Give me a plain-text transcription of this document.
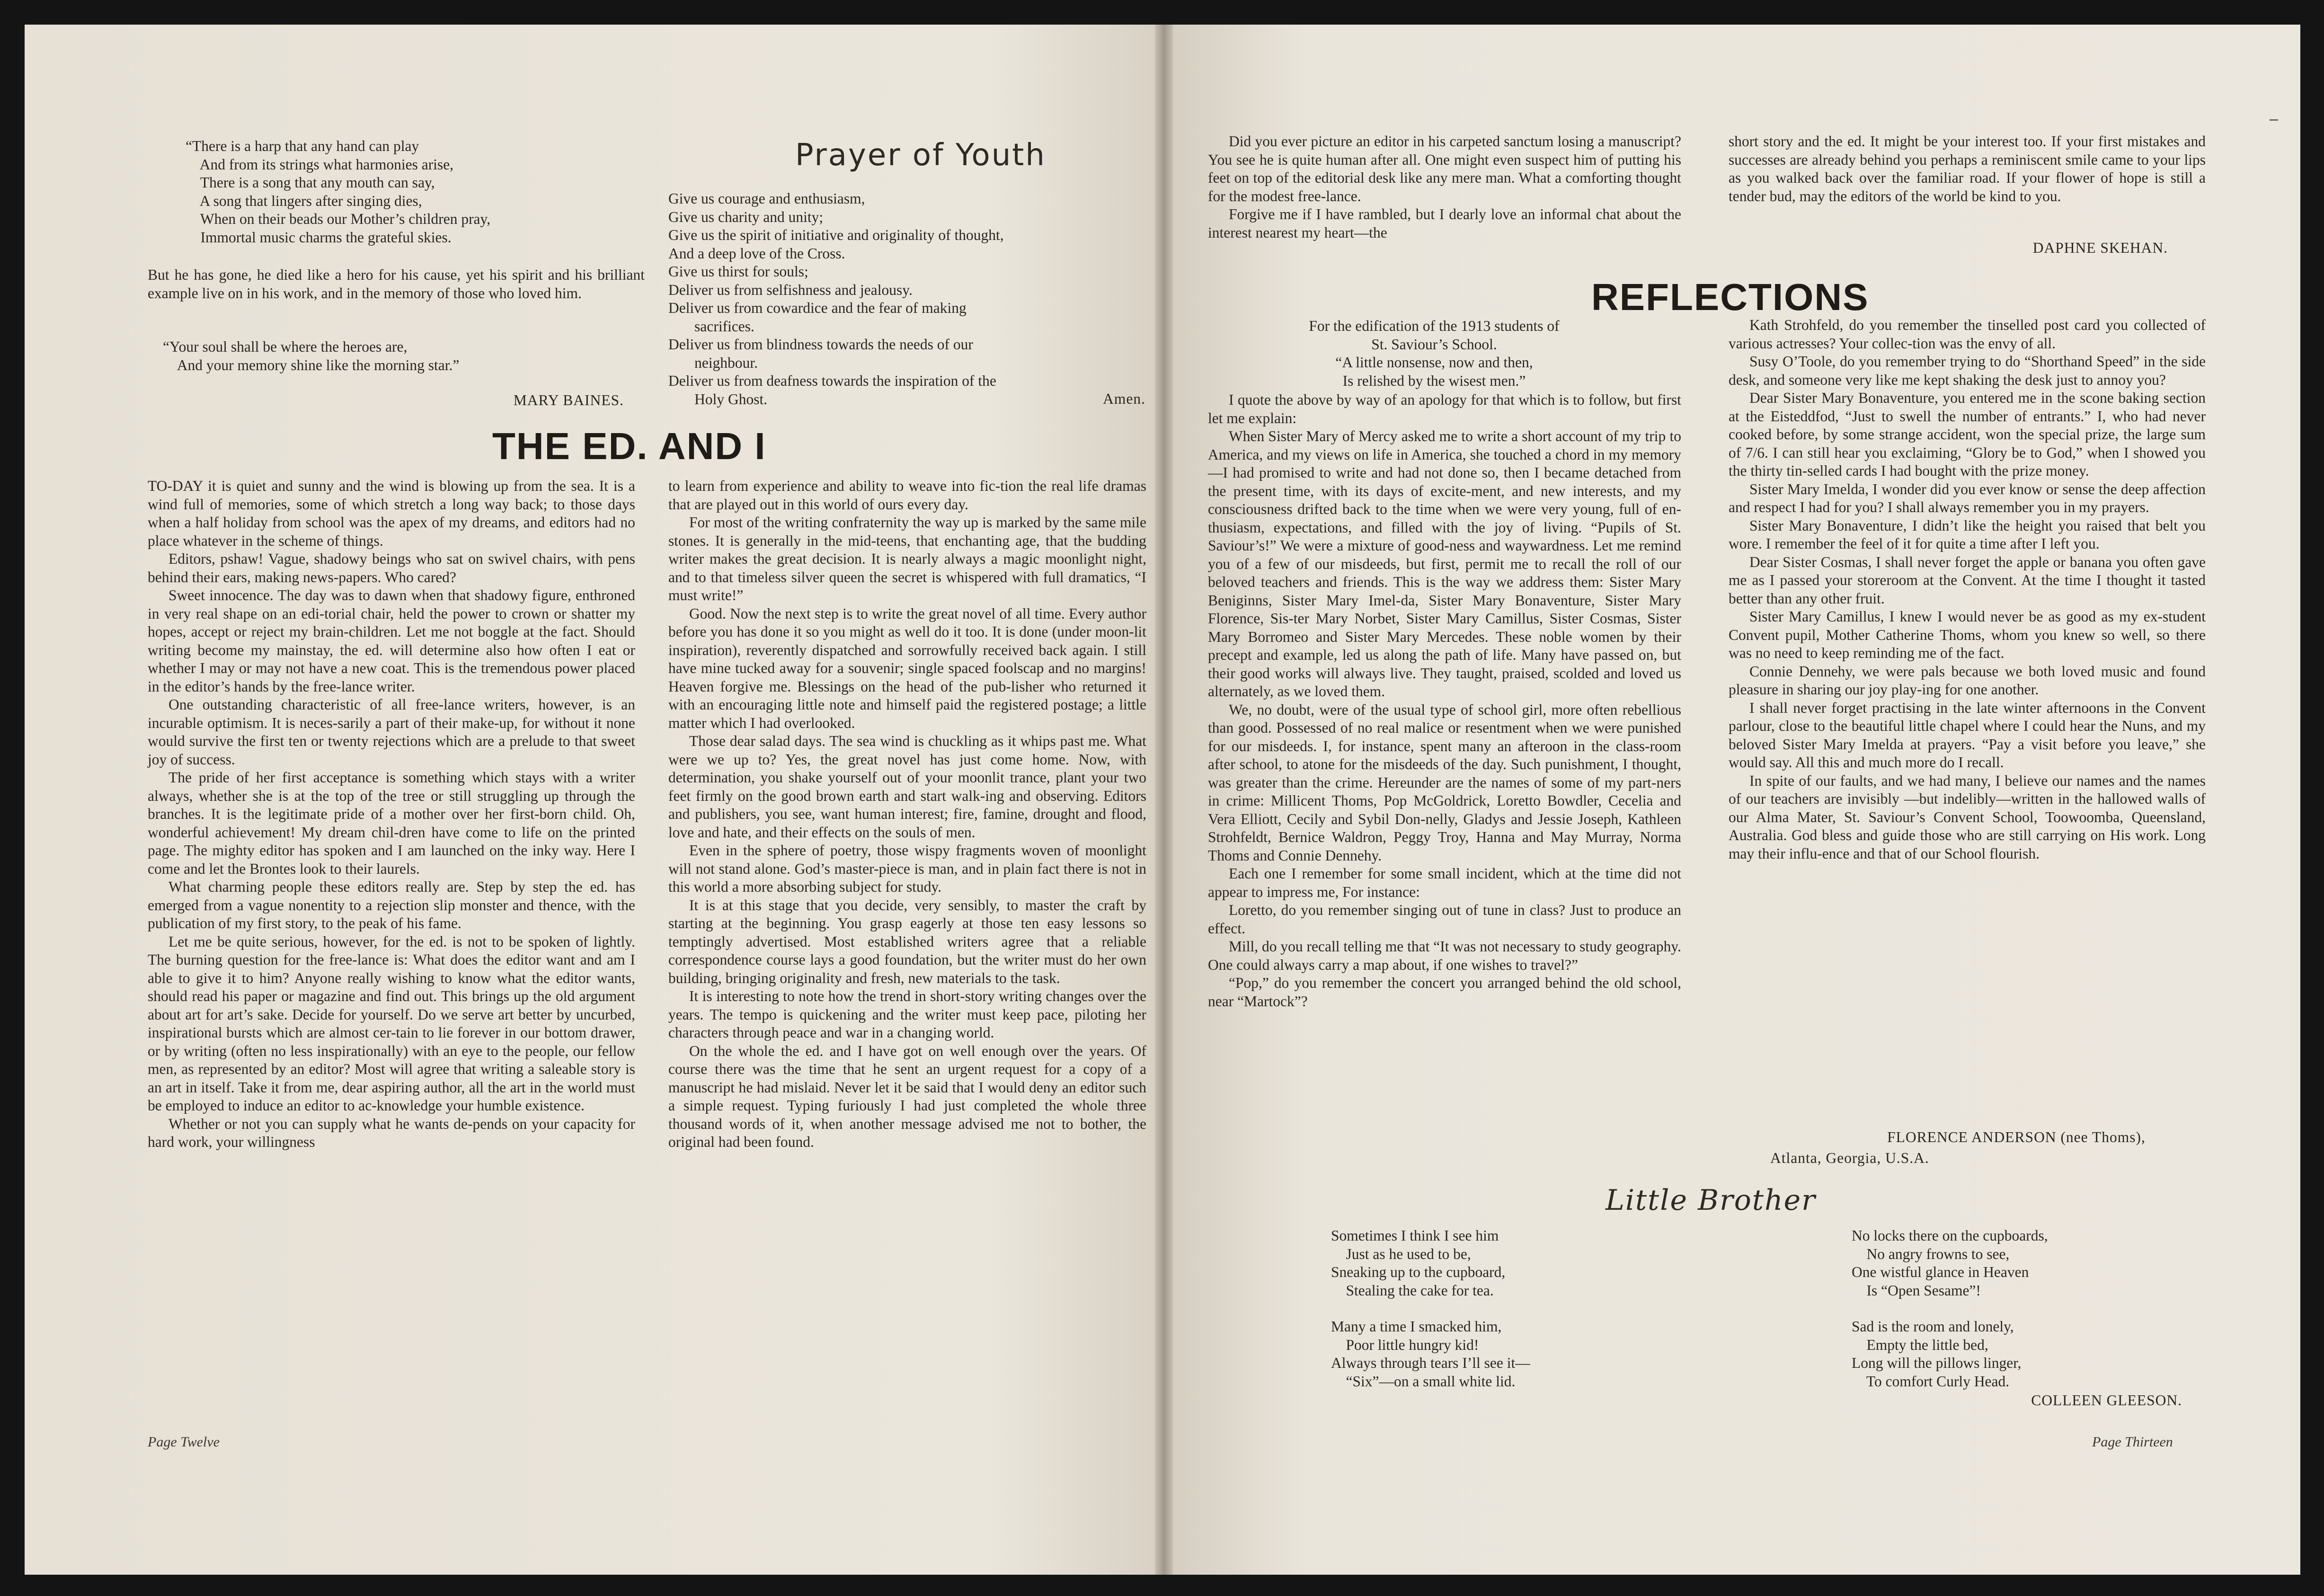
“There is a harp that any hand can play

And from its strings what harmonies arise,

There is a song that any mouth can say,

A song that lingers after singing dies,

When on their beads our Mother’s children pray,

Immortal music charms the grateful skies.

But he has gone, he died like a hero for his cause, yet his spirit and his brilliant example live on in his work, and in the memory of those who loved him.

“Your soul shall be where the heroes are,

And your memory shine like the morning star.”

MARY BAINES.
Prayer of Youth

Give us courage and enthusiasm,

Give us charity and unity;

Give us the spirit of initiative and originality of thought,

And a deep love of the Cross.

Give us thirst for souls;

Deliver us from selfishness and jealousy.

Deliver us from cowardice and the fear of making

sacrifices.

Deliver us from blindness towards the needs of our

neighbour.

Deliver us from deafness towards the inspiration of the

Holy Ghost.	Amen.
THE ED. AND I

TO-DAY it is quiet and sunny and the wind is blowing up from the sea. It is a wind full of memories, some of which stretch a long way back; to those days when a half holiday from school was the apex of my dreams, and editors had no place whatever in the scheme of things.

Editors, pshaw! Vague, shadowy beings who sat on swivel chairs, with pens behind their ears, making news-papers. Who cared?

Sweet innocence. The day was to dawn when that shadowy figure, enthroned in very real shape on an edi-torial chair, held the power to crown or shatter my hopes, accept or reject my brain-children. Let me not boggle at the fact. Should writing become my mainstay, the ed. will determine also how often I eat or whether I may or may not have a new coat. This is the tremendous power placed in the editor’s hands by the free-lance writer.

One outstanding characteristic of all free-lance writers, however, is an incurable optimism. It is neces-sarily a part of their make-up, for without it none would survive the first ten or twenty rejections which are a prelude to that sweet joy of success.

The pride of her first acceptance is something which stays with a writer always, whether she is at the top of the tree or still struggling up through the branches. It is the legitimate pride of a mother over her first-born child. Oh, wonderful achievement! My dream chil-dren have come to life on the printed page. The mighty editor has spoken and I am launched on the inky way. Here I come and let the Brontes look to their laurels.

What charming people these editors really are. Step by step the ed. has emerged from a vague nonentity to a rejection slip monster and thence, with the publication of my first story, to the peak of his fame.

Let me be quite serious, however, for the ed. is not to be spoken of lightly. The burning question for the free-lance is: What does the editor want and am I able to give it to him? Anyone really wishing to know what the editor wants, should read his paper or magazine and find out. This brings up the old argument about art for art’s sake. Decide for yourself. Do we serve art better by uncurbed, inspirational bursts which are almost cer-tain to lie forever in our bottom drawer, or by writing (often no less inspirationally) with an eye to the people, our fellow men, as represented by an editor? Most will agree that writing a saleable story is an art in itself. Take it from me, dear aspiring author, all the art in the world must be employed to induce an editor to ac-knowledge your humble existence.

Whether or not you can supply what he wants de-pends on your capacity for hard work, your willingness

to learn from experience and ability to weave into fic-tion the real life dramas that are played out in this world of ours every day.

For most of the writing confraternity the way up is marked by the same mile stones. It is generally in the mid-teens, that enchanting age, that the budding writer makes the great decision. It is nearly always a magic moonlight night, and to that timeless silver queen the secret is whispered with full dramatics, “I must write!”

Good. Now the next step is to write the great novel of all time. Every author before you has done it so you might as well do it too. It is done (under moon-lit inspiration), reverently dispatched and sorrowfully received back again. I still have mine tucked away for a souvenir; single spaced foolscap and no margins! Heaven forgive me. Blessings on the head of the pub-lisher who returned it with an encouraging little note and himself paid the registered postage; a little matter which I had overlooked.

Those dear salad days. The sea wind is chuckling as it whips past me. What were we up to? Yes, the great novel has just come home. Now, with determination, you shake yourself out of your moonlit trance, plant your two feet firmly on the good brown earth and start walk-ing and observing. Editors and publishers, you see, want human interest; fire, famine, drought and flood, love and hate, and their effects on the souls of men.

Even in the sphere of poetry, those wispy fragments woven of moonlight will not stand alone. God’s master-piece is man, and in plain fact there is not in this world a more absorbing subject for study.

It is at this stage that you decide, very sensibly, to master the craft by starting at the beginning. You grasp eagerly at those ten easy lessons so temptingly advertised. Most established writers agree that a reliable correspondence course lays a good foundation, but the writer must do her own building, bringing originality and fresh, new materials to the task.

It is interesting to note how the trend in short-story writing changes over the years. The tempo is quickening and the writer must keep pace, piloting her characters through peace and war in a changing world.

On the whole the ed. and I have got on well enough over the years. Of course there was the time that he sent an urgent request for a copy of a manuscript he had mislaid. Never let it be said that I would deny an editor such a simple request. Typing furiously I had just completed the whole three thousand words of it, when another message advised me not to bother, the original had been found.

Page Twelve

Did you ever picture an editor in his carpeted sanctum losing a manuscript? You see he is quite human after all. One might even suspect him of putting his feet on top of the editorial desk like any mere man. What a comforting thought for the modest free-lance.

Forgive me if I have rambled, but I dearly love an informal chat about the interest nearest my heart—the

short story and the ed. It might be your interest too. If your first mistakes and successes are already behind you perhaps a reminiscent smile came to your lips as you walked back over the familiar road. If your flower of hope is still a tender bud, may the editors of the world be kind to you.

DAPHNE SKEHAN.
REFLECTIONS

For the edification of the 1913 students of

St. Saviour’s School.

“A little nonsense, now and then,

Is relished by the wisest men.”

I quote the above by way of an apology for that which is to follow, but first let me explain:

When Sister Mary of Mercy asked me to write a short account of my trip to America, and my views on life in America, she touched a chord in my memory—I had promised to write and had not done so, then I became detached from the present time, with its days of excite-ment, and new interests, and my consciousness drifted back to the time when we were very young, full of en-thusiasm, expectations, and filled with the joy of living. “Pupils of St. Saviour’s!” We were a mixture of good-ness and waywardness. Let me remind you of a few of our misdeeds, but first, permit me to recall the roll of our beloved teachers and friends. This is the way we address them: Sister Mary Beniginns, Sister Mary Imel-da, Sister Mary Bonaventure, Sister Mary Florence, Sis-ter Mary Norbet, Sister Mary Camillus, Sister Cosmas, Sister Mary Borromeo and Sister Mary Mercedes. These noble women by their precept and example, led us along the path of life. Many have passed on, but their good works will always live. They taught, praised, scolded and loved us alternately, as we loved them.

We, no doubt, were of the usual type of school girl, more often rebellious than good. Possessed of no real malice or resentment when we were punished for our misdeeds. I, for instance, spent many an afteroon in the class-room after school, to atone for the misdeeds of the day. Such punishment, I thought, was greater than the crime. Hereunder are the names of some of my part-ners in crime: Millicent Thoms, Pop McGoldrick, Loretto Bowdler, Cecelia and Vera Elliott, Cecily and Sybil Don-nelly, Gladys and Jessie Joseph, Kathleen Strohfeldt, Bernice Waldron, Peggy Troy, Hanna and May Murray, Norma Thoms and Connie Dennehy.

Each one I remember for some small incident, which at the time did not appear to impress me, For instance:

Loretto, do you remember singing out of tune in class? Just to produce an effect.

Mill, do you recall telling me that “It was not necessary to study geography. One could always carry a map about, if one wishes to travel?”

“Pop,” do you remember the concert you arranged behind the old school, near “Martock”?

Kath Strohfeld, do you remember the tinselled post card you collected of various actresses? Your collec-tion was the envy of all.

Susy O’Toole, do you remember trying to do “Shorthand Speed” in the side desk, and someone very like me kept shaking the desk just to annoy you?

Dear Sister Mary Bonaventure, you entered me in the scone baking section at the Eisteddfod, “Just to swell the number of entrants.” I, who had never cooked before, by some strange accident, won the special prize, the large sum of 7/6. I can still hear you exclaiming, “Glory be to God,” when I showed you the thirty tin-selled cards I had bought with the prize money.

Sister Mary Imelda, I wonder did you ever know or sense the deep affection and respect I had for you? I shall always remember you in my prayers.

Sister Mary Bonaventure, I didn’t like the height you raised that belt you wore. I remember the feel of it for quite a time after I left you.

Dear Sister Cosmas, I shall never forget the apple or banana you often gave me as I passed your storeroom at the Convent. At the time I thought it tasted better than any other fruit.

Sister Mary Camillus, I knew I would never be as good as my ex-student Convent pupil, Mother Catherine Thoms, whom you knew so well, so there was no need to keep reminding me of the fact.

Connie Dennehy, we were pals because we both loved music and found pleasure in sharing our joy play-ing for one another.

I shall never forget practising in the late winter afternoons in the Convent parlour, close to the beautiful little chapel where I could hear the Nuns, and my beloved Sister Mary Imelda at prayers. “Pay a visit before you leave,” she would say. All this and much more do I recall.

In spite of our faults, and we had many, I believe our names and the names of our teachers are invisibly —but indelibly—written in the hallowed walls of our Alma Mater, St. Saviour’s Convent School, Toowoomba, Queensland, Australia. God bless and guide those who are still carrying on His work. Long may their influ-ence and that of our School flourish.

FLORENCE ANDERSON (nee Thoms),
Atlanta, Georgia, U.S.A.
Little Brother

Sometimes I think I see him

Just as he used to be,

Sneaking up to the cupboard,

Stealing the cake for tea.

Many a time I smacked him,

Poor little hungry kid!

Always through tears I’ll see it—

“Six”—on a small white lid.

No locks there on the cupboards,

No angry frowns to see,

One wistful glance in Heaven

Is “Open Sesame”!

Sad is the room and lonely,

Empty the little bed,

Long will the pillows linger,

To comfort Curly Head.

COLLEEN GLEESON.
Page Thirteen
